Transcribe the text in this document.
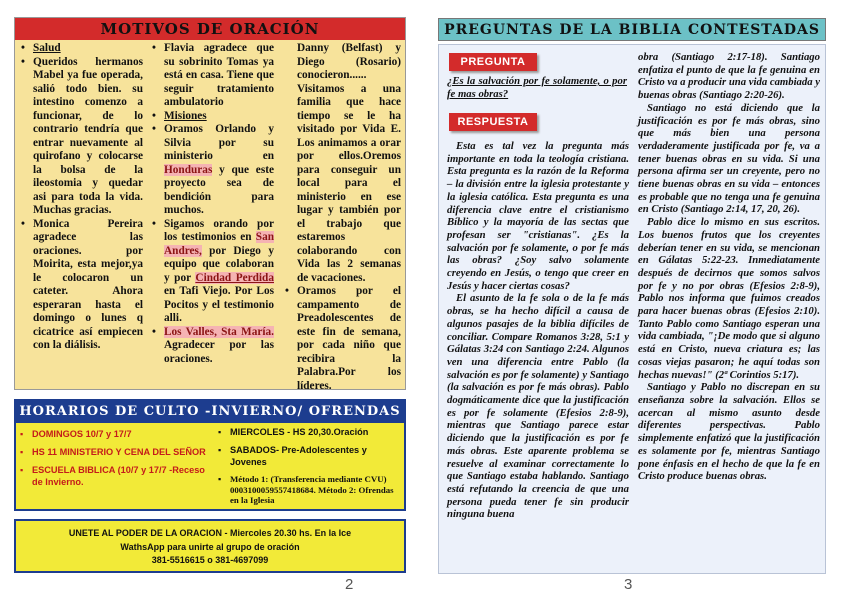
MOTIVOS DE ORACIÓN
• Salud
• Queridos hermanos Mabel ya fue operada, salió todo bien. su intestino comenzo a funcionar, de lo contrario tendría que entrar nuevamente al quirofano y colocarse la bolsa de la ileostomia y quedar asi para toda la vida. Muchas gracias.
• Monica Pereira agradece las oraciones. por Moirita, esta mejor,ya le colocaron un cateter. Ahora esperaran hasta el domingo o lunes q cicatrice así empiecen con la diálisis.
• Flavia agradece que su sobrinito Tomas ya está en casa. Tiene que seguir tratamiento ambulatorio
• Misiones
• Oramos Orlando y Silvia por su ministerio en Honduras y que este proyecto sea de bendición para muchos.
• Sigamos orando por los testimonios en San Andres, por Diego y equipo que colaboran y por Cindad Perdida en Tafi Viejo. Por Los Pocitos y el testimonio alli.
• Los Valles, Sta María. Agradecer por las oraciones.
Danny (Belfast) y Diego (Rosario) conocieron...... Visitamos a una familia que hace tiempo se le ha visitado por Vida E. Los animamos a orar por ellos.Oremos para conseguir un local para el ministerio en ese lugar y también por el trabajo que estaremos colaborando con Vida las 2 semanas de vacaciones.
• Oramos por el campamento de Preadolescentes de este fin de semana, por cada niño que recibira la Palabra.Por los líderes.
HORARIOS DE CULTO -INVIERNO/ OFRENDAS
▪ DOMINGOS 10/7 y 17/7
▪ HS 11 MINISTERIO Y CENA DEL SEÑOR
▪ ESCUELA BIBLICA (10/7 y 17/7 -Receso de Invierno.
▪ MIERCOLES - HS 20,30.Oración
▪ SABADOS- Pre-Adolescentes y Jovenes
▪ Método 1: (Transferencia mediante CVU) 0003100059557418684. Método 2: Ofrendas en la Iglesia
UNETE AL PODER DE LA ORACION - Miercoles 20.30 hs. En la Ice
WathsApp para unirte al grupo de oración
381-5516615 o 381-4697099
2
PREGUNTAS DE LA BIBLIA CONTESTADAS
PREGUNTA

¿Es la salvación por fe solamente, o por fe mas obras?

RESPUESTA

Esta es tal vez la pregunta más importante en toda la teología cristiana. Esta pregunta es la razón de la Reforma – la división entre la iglesia protestante y la iglesia católica. Esta pregunta es una diferencia clave entre el cristianismo Bíblico y la mayoría de las sectas que profesan ser "cristianas". ¿Es la salvación por fe solamente, o por fe más las obras? ¿Soy salvo solamente creyendo en Jesús, o tengo que creer en Jesús y hacer ciertas cosas?

El asunto de la fe sola o de la fe más obras, se ha hecho difícil a causa de algunos pasajes de la biblia difíciles de conciliar. Compare Romanos 3:28, 5:1 y Gálatas 3:24 con Santiago 2:24. Algunos ven una diferencia entre Pablo (la salvación es por fe solamente) y Santiago (la salvación es por fe más obras). Pablo dogmáticamente dice que la justificación es por fe solamente (Efesios 2:8-9), mientras que Santiago parece estar diciendo que la justificación es por fe más obras. Este aparente problema se resuelve al examinar correctamente lo que Santiago estaba hablando. Santiago está refutando la creencia de que una persona pueda tener fe sin producir ninguna buena

obra (Santiago 2:17-18). Santiago enfatiza el punto de que la fe genuina en Cristo va a producir una vida cambiada y buenas obras (Santiago 2:20-26).

Santiago no está diciendo que la justificación es por fe más obras, sino que más bien una persona verdaderamente justificada por fe, va a tener buenas obras en su vida. Si una persona afirma ser un creyente, pero no tiene buenas obras en su vida – entonces es probable que no tenga una fe genuina en Cristo (Santiago 2:14, 17, 20, 26).

Pablo dice lo mismo en sus escritos. Los buenos frutos que los creyentes deberían tener en su vida, se mencionan en Gálatas 5:22-23. Inmediatamente después de decirnos que somos salvos por fe y no por obras (Efesios 2:8-9), Pablo nos informa que fuimos creados para hacer buenas obras (Efesios 2:10). Tanto Pablo como Santiago esperan una vida cambiada, "¡De modo que si alguno está en Cristo, nueva criatura es; las cosas viejas pasaron; he aquí todas son hechas nuevas!" (2ª Corintios 5:17).

Santiago y Pablo no discrepan en su enseñanza sobre la salvación. Ellos se acercan al mismo asunto desde diferentes perspectivas. Pablo simplemente enfatizó que la justificación es solamente por fe, mientras Santiago pone énfasis en el hecho de que la fe en Cristo produce buenas obras.

3
